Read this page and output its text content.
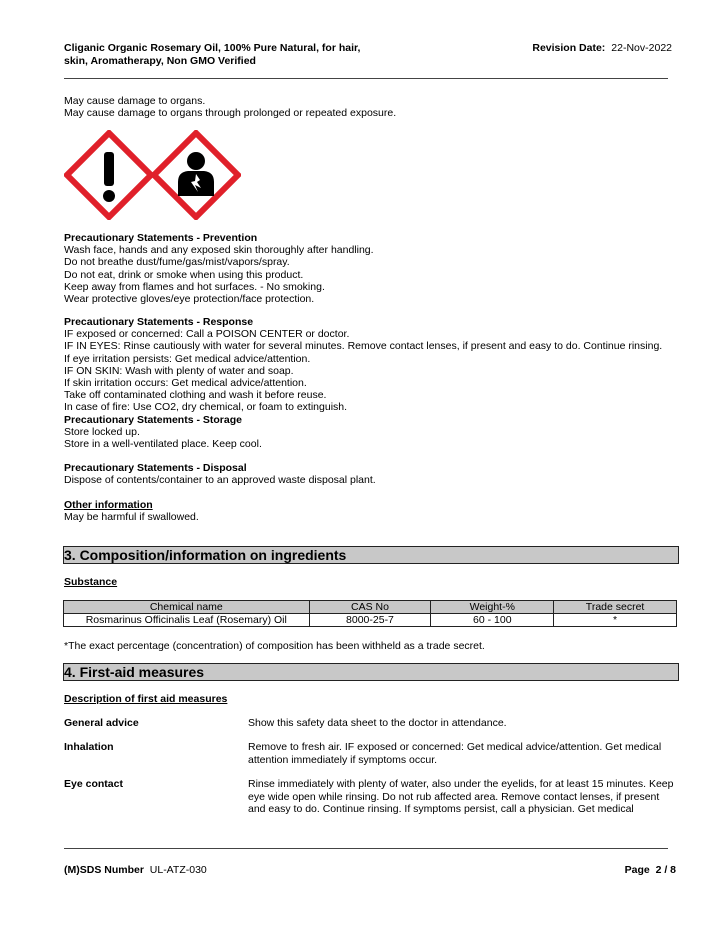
Cliganic Organic Rosemary Oil, 100% Pure Natural, for hair,
skin, Aromatherapy, Non GMO Verified
Revision Date: 22-Nov-2022
May cause damage to organs.
May cause damage to organs through prolonged or repeated exposure.
Precautionary Statements - Prevention
Wash face, hands and any exposed skin thoroughly after handling.
Do not breathe dust/fume/gas/mist/vapors/spray.
Do not eat, drink or smoke when using this product.
Keep away from flames and hot surfaces. - No smoking.
Wear protective gloves/eye protection/face protection.
Precautionary Statements - Response
IF exposed or concerned: Call a POISON CENTER or doctor.
IF IN EYES: Rinse cautiously with water for several minutes. Remove contact lenses, if present and easy to do. Continue rinsing.
If eye irritation persists: Get medical advice/attention.
IF ON SKIN: Wash with plenty of water and soap.
If skin irritation occurs: Get medical advice/attention.
Take off contaminated clothing and wash it before reuse.
In case of fire: Use CO2, dry chemical, or foam to extinguish.
Precautionary Statements - Storage
Store locked up.
Store in a well-ventilated place. Keep cool.
Precautionary Statements - Disposal
Dispose of contents/container to an approved waste disposal plant.
Other information
May be harmful if swallowed.
3. Composition/information on ingredients
Substance
Chemical name	CAS No	Weight-%	Trade secret
Rosmarinus Officinalis Leaf (Rosemary) Oil	8000-25-7	60 - 100	*
*The exact percentage (concentration) of composition has been withheld as a trade secret.
4. First-aid measures
Description of first aid measures
General advice	Show this safety data sheet to the doctor in attendance.
Inhalation	Remove to fresh air. IF exposed or concerned: Get medical advice/attention. Get medical
attention immediately if symptoms occur.
Eye contact	Rinse immediately with plenty of water, also under the eyelids, for at least 15 minutes. Keep
eye wide open while rinsing. Do not rub affected area. Remove contact lenses, if present
and easy to do. Continue rinsing. If symptoms persist, call a physician. Get medical
(M)SDS Number UL-ATZ-030	Page 2 / 8
